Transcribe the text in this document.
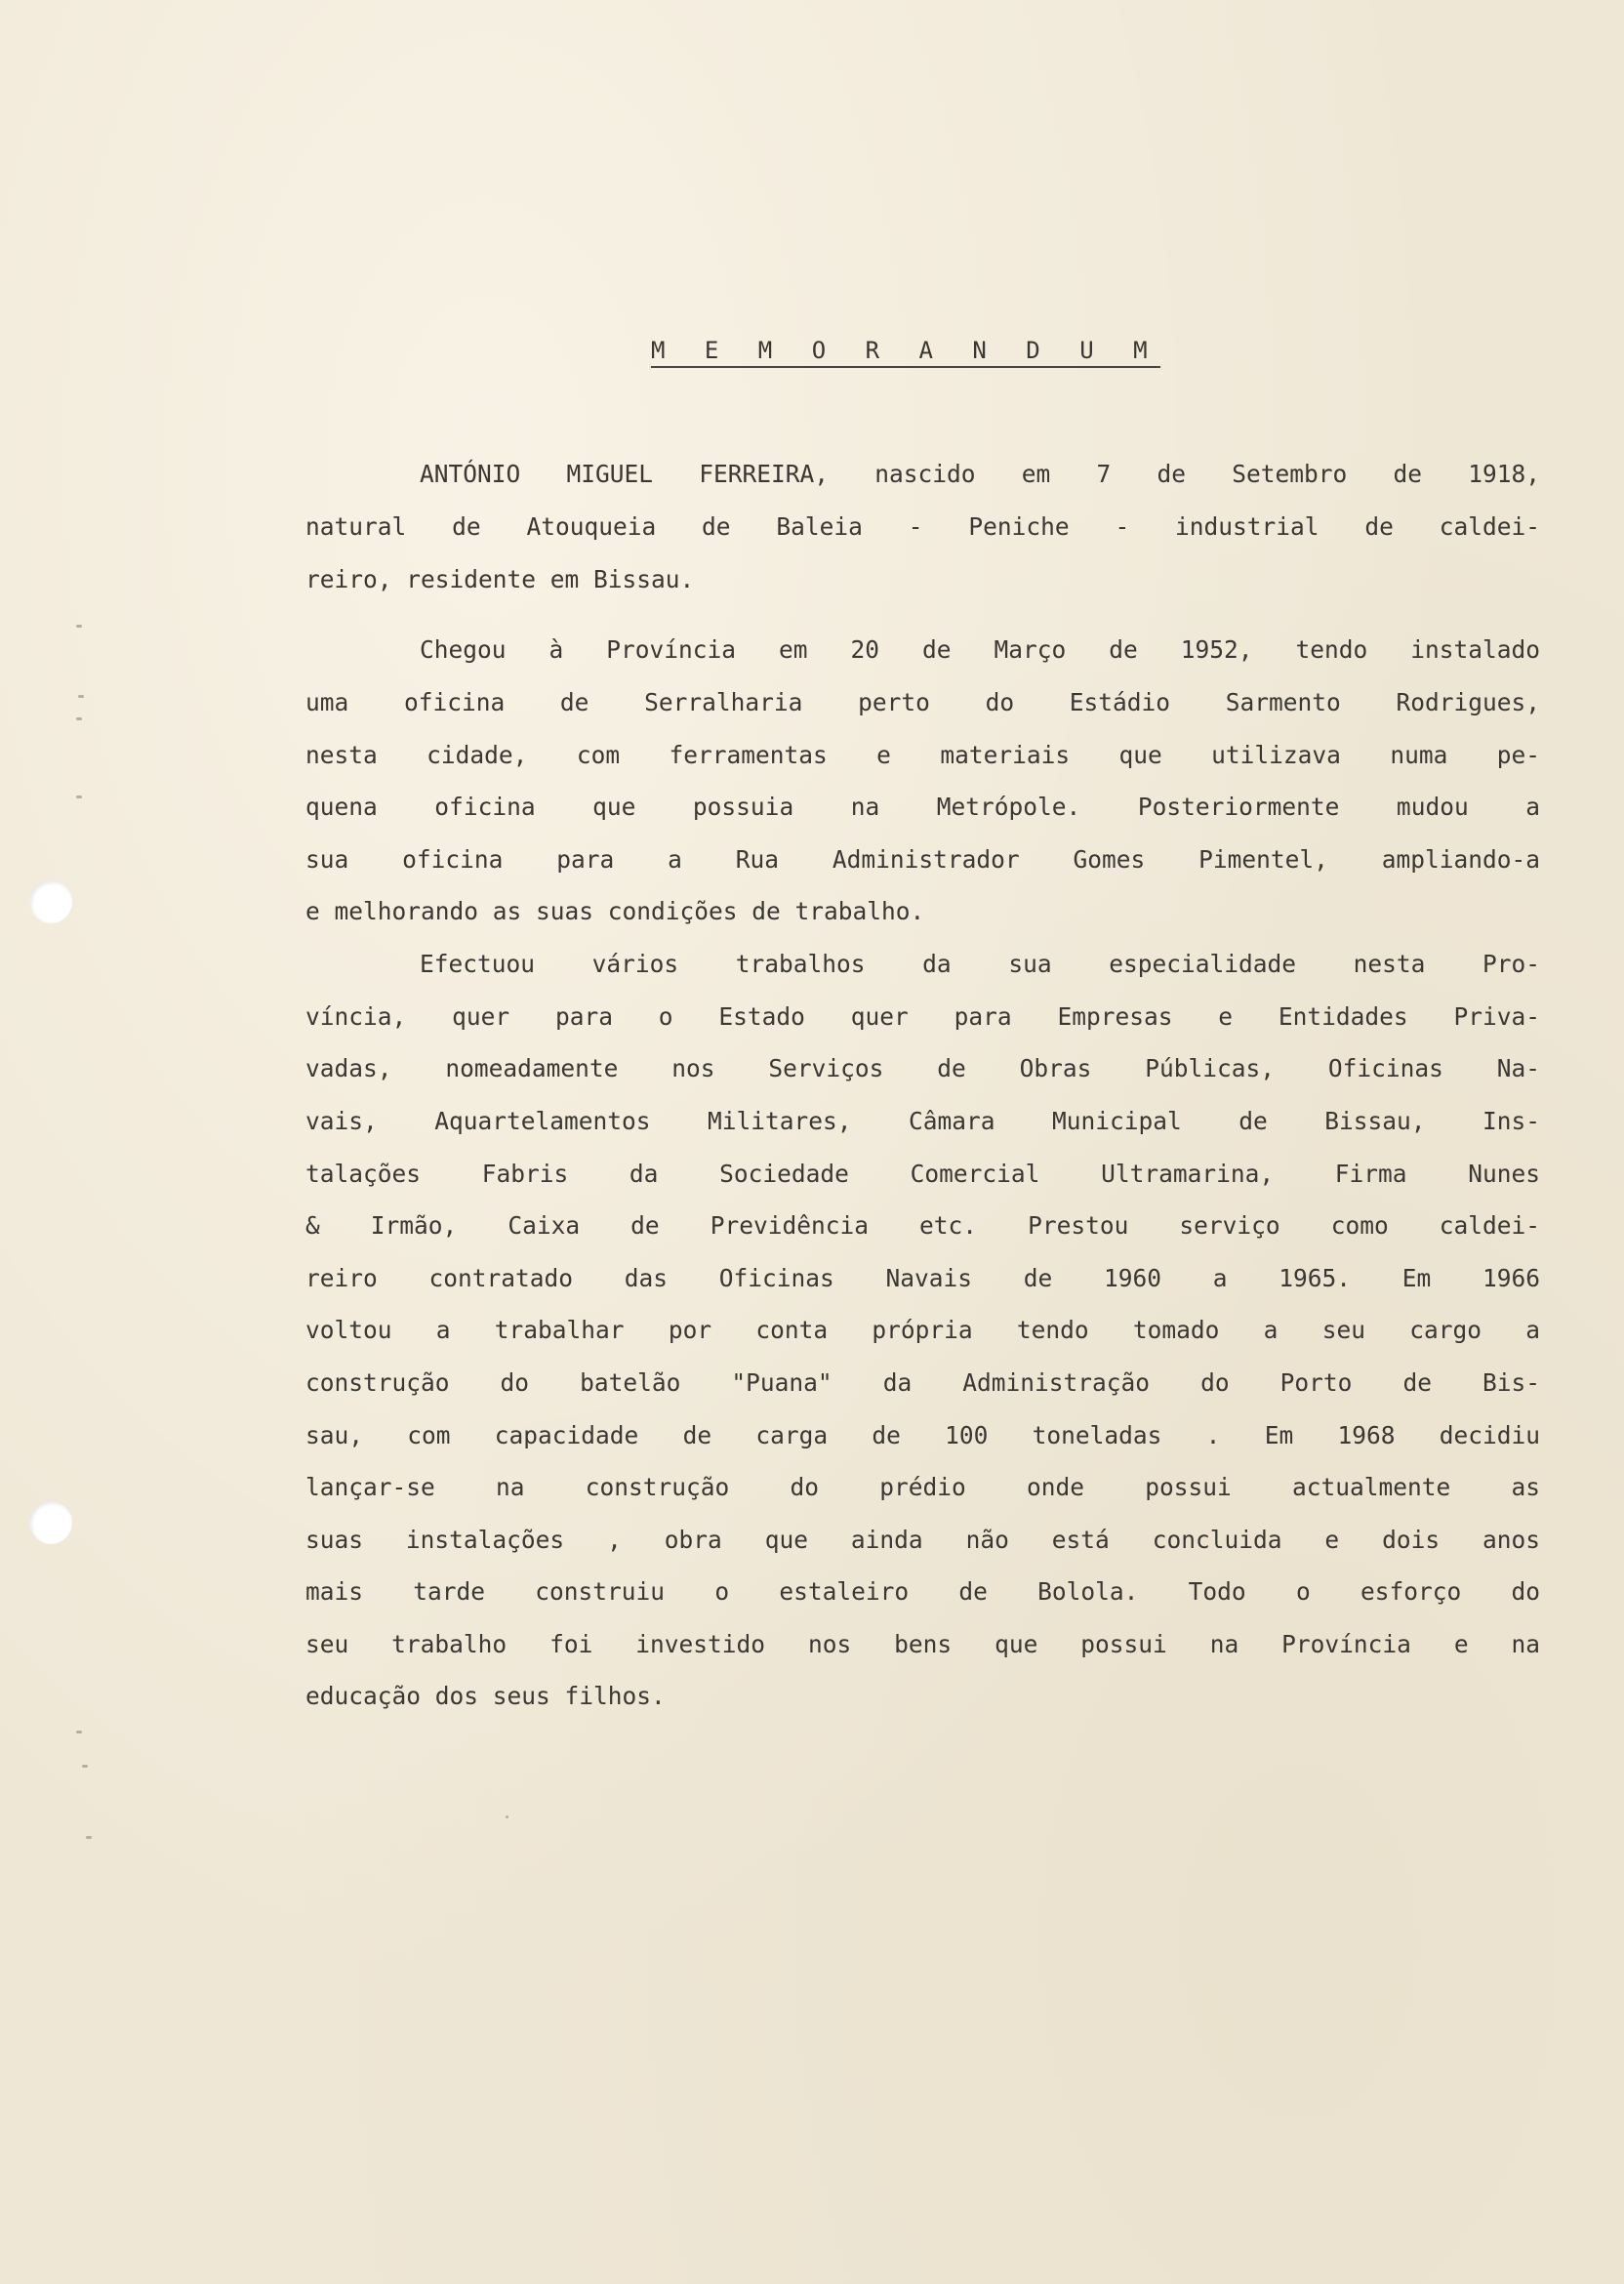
M E M O R A N D U M
ANTÓNIO MIGUEL FERREIRA, nascido em 7 de Setembro de 1918,
natural de Atouqueia de Baleia - Peniche - industrial de caldei-
reiro, residente em Bissau.
Chegou à Província em 20 de Março de 1952, tendo instalado
uma oficina de Serralharia perto do Estádio Sarmento Rodrigues,
nesta cidade, com ferramentas e materiais que utilizava numa pe-
quena oficina que possuia na Metrópole. Posteriormente mudou a
sua oficina para a Rua Administrador Gomes Pimentel, ampliando-a
e melhorando as suas condições de trabalho.
Efectuou vários trabalhos da sua especialidade nesta Pro-
víncia, quer para o Estado quer para Empresas e Entidades Priva-
vadas, nomeadamente nos Serviços de Obras Públicas, Oficinas Na-
vais, Aquartelamentos Militares, Câmara Municipal de Bissau, Ins-
talações Fabris da Sociedade Comercial Ultramarina, Firma Nunes
& Irmão, Caixa de Previdência etc. Prestou serviço como caldei-
reiro contratado das Oficinas Navais de 1960 a 1965. Em 1966
voltou a trabalhar por conta própria tendo tomado a seu cargo a
construção do batelão "Puana" da Administração do Porto de Bis-
sau, com capacidade de carga de 100 toneladas . Em 1968 decidiu
lançar-se na construção do prédio onde possui actualmente as
suas instalações , obra que ainda não está concluida e dois anos
mais tarde construiu o estaleiro de Bolola. Todo o esforço do
seu trabalho foi investido nos bens que possui na Província e na
educação dos seus filhos.
